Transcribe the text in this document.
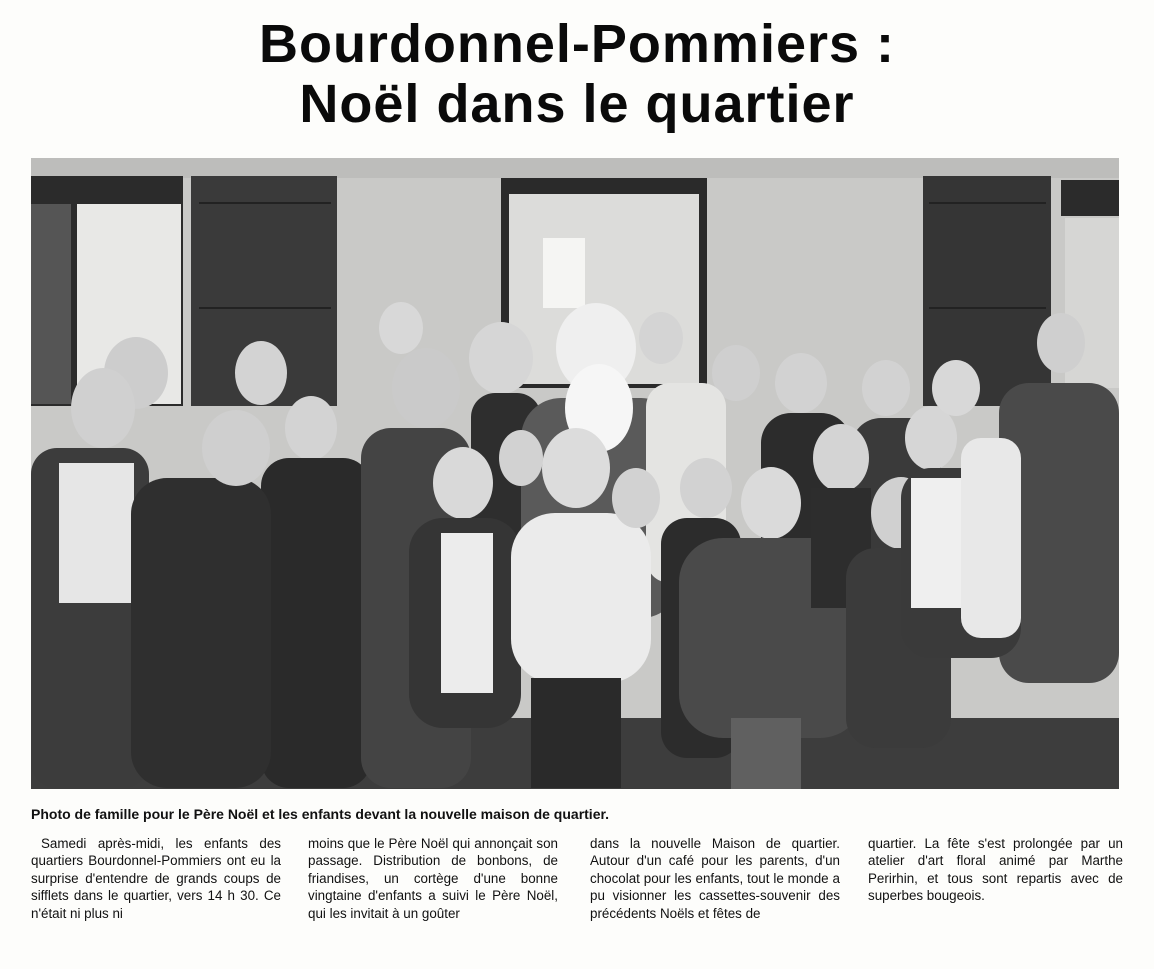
Bourdonnel-Pommiers :
Noël dans le quartier
Photo de famille pour le Père Noël et les enfants devant la nouvelle maison de quartier.

Samedi après-midi, les enfants des quartiers Bourdonnel-Pommiers ont eu la surprise d'entendre de grands coups de sifflets dans le quartier, vers 14 h 30. Ce n'était ni plus ni

moins que le Père Noël qui annonçait son passage. Distribution de bonbons, de friandises, un cortège d'une bonne vingtaine d'enfants a suivi le Père Noël, qui les invitait à un goûter

dans la nouvelle Maison de quartier. Autour d'un café pour les parents, d'un chocolat pour les enfants, tout le monde a pu visionner les cassettes-souvenir des précédents Noëls et fêtes de

quartier. La fête s'est prolongée par un atelier d'art floral animé par Marthe Perirhin, et tous sont repartis avec de superbes bougeois.
